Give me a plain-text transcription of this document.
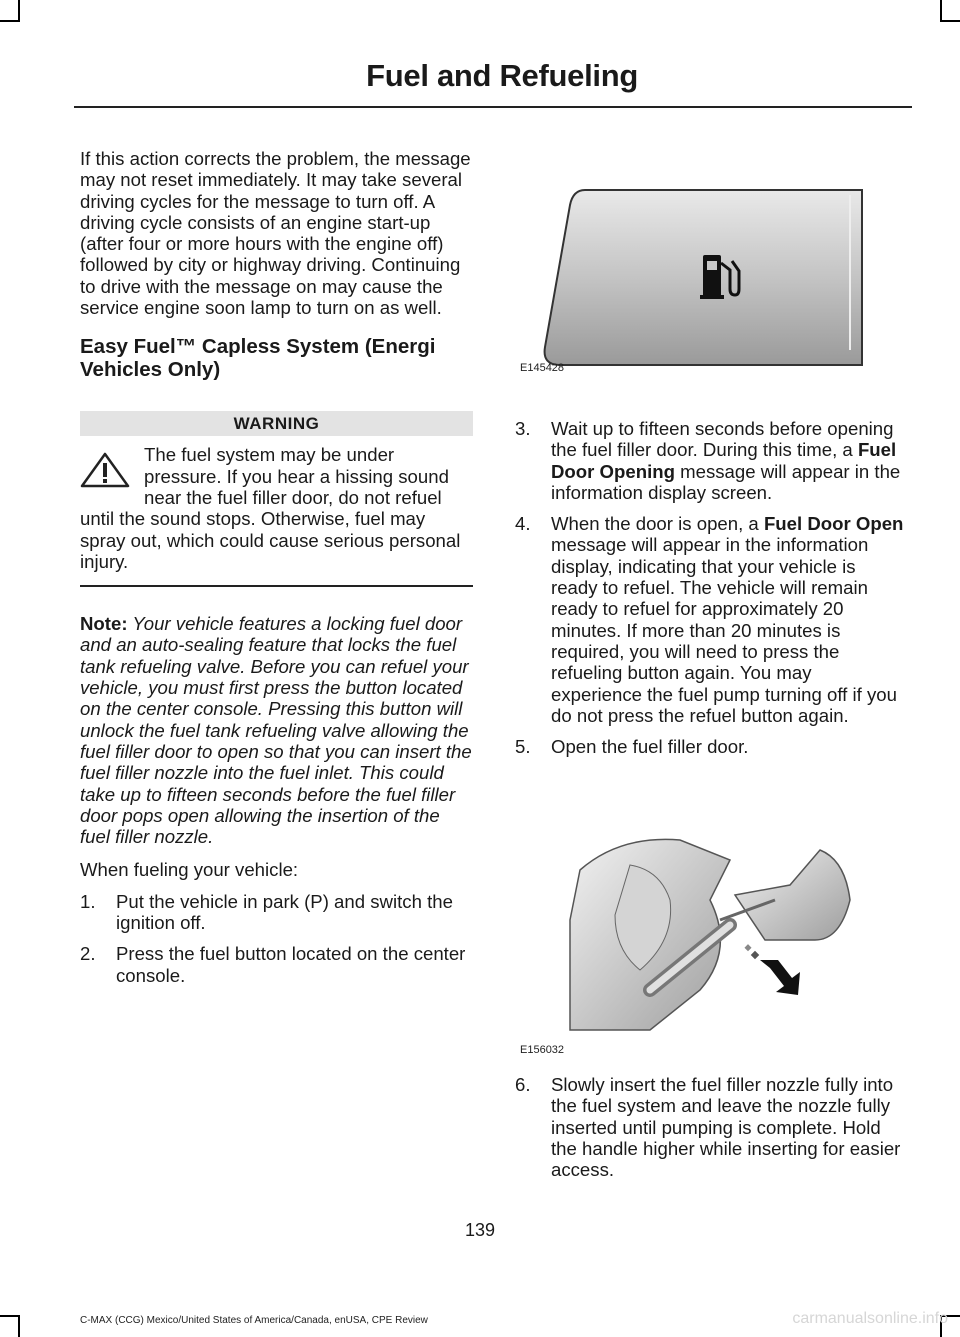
Fuel and Refueling

If this action corrects the problem, the message may not reset immediately. It may take several driving cycles for the message to turn off. A driving cycle consists of an engine start-up (after four or more hours with the engine off) followed by city or highway driving. Continuing to drive with the message on may cause the service engine soon lamp to turn on as well.

Easy Fuel™ Capless System (Energi Vehicles Only)

WARNING

The fuel system may be under pressure. If you hear a hissing sound near the fuel filler door, do not refuel until the sound stops. Otherwise, fuel may spray out, which could cause serious personal injury.

Note: Your vehicle features a locking fuel door and an auto-sealing feature that locks the fuel tank refueling valve. Before you can refuel your vehicle, you must first press the button located on the center console. Pressing this button will unlock the fuel tank refueling valve allowing the fuel filler door to open so that you can insert the fuel filler nozzle into the fuel inlet. This could take up to fifteen seconds before the fuel filler door pops open allowing the insertion of the fuel filler nozzle.

When fueling your vehicle:

1.	Put the vehicle in park (P) and switch the ignition off.
2.	Press the fuel button located on the center console.
E145428
3.	Wait up to fifteen seconds before opening the fuel filler door. During this time, a Fuel Door Opening message will appear in the information display screen.
4.	When the door is open, a Fuel Door Open message will appear in the information display, indicating that your vehicle is ready to refuel. The vehicle will remain ready to refuel for approximately 20 minutes. If more than 20 minutes is required, you will need to press the refueling button again. You may experience the fuel pump turning off if you do not press the refuel button again.
5.	Open the fuel filler door.
E156032
6.	Slowly insert the fuel filler nozzle fully into the fuel system and leave the nozzle fully inserted until pumping is complete. Hold the handle higher while inserting for easier access.
139
C-MAX (CCG) Mexico/United States of America/Canada, enUSA, CPE Review	carmanualsonline.info
